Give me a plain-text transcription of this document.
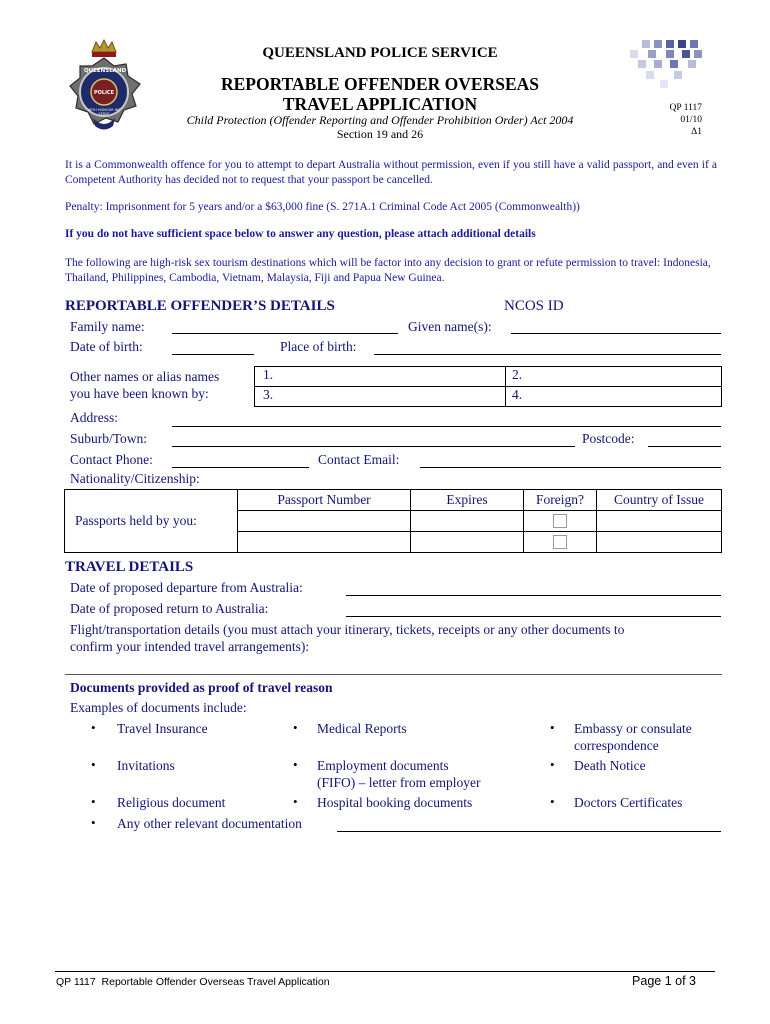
QUEENSLAND
POLICE
WITH HONOUR WE SERVE
QUEENSLAND POLICE SERVICE
REPORTABLE OFFENDER OVERSEAS
TRAVEL APPLICATION
Child Protection (Offender Reporting and Offender Prohibition Order) Act 2004
Section 19 and 26
QP 1117
01/10
Δ1
It is a Commonwealth offence for you to attempt to depart Australia without permission, even if you still have a valid passport, and even if a Competent Authority has decided not to request that your passport be cancelled.
Penalty: Imprisonment for 5 years and/or a $63,000 fine (S. 271A.1 Criminal Code Act 2005 (Commonwealth))
If you do not have sufficient space below to answer any question, please attach additional details
The following are high-risk sex tourism destinations which will be factor into any decision to grant or refute permission to travel: Indonesia, Thailand, Philippines, Cambodia, Vietnam, Malaysia, Fiji and Papua New Guinea.
REPORTABLE OFFENDER’S DETAILS	NCOS ID
Family name:	Given name(s):
Date of birth:	Place of birth:
Other names or alias names
you have been known by:
1.	2.
3.	4.
Address:
Suburb/Town:	Postcode:
Contact Phone:	Contact Email:
Nationality/Citizenship:
Passports held by you:	Passport Number	Expires	Foreign?	Country of Issue

TRAVEL DETAILS
Date of proposed departure from Australia:
Date of proposed return to Australia:
Flight/transportation details (you must attach your itinerary, tickets, receipts or any other documents to
confirm your intended travel arrangements):
Documents provided as proof of travel reason
Examples of documents include:
• Travel Insurance	• Medical Reports	• Embassy or consulate
correspondence
• Invitations	• Employment documents
(FIFO) – letter from employer
• Death Notice
• Religious document	• Hospital booking documents	• Doctors Certificates
• Any other relevant documentation
QP 1117  Reportable Offender Overseas Travel Application	Page 1 of 3
